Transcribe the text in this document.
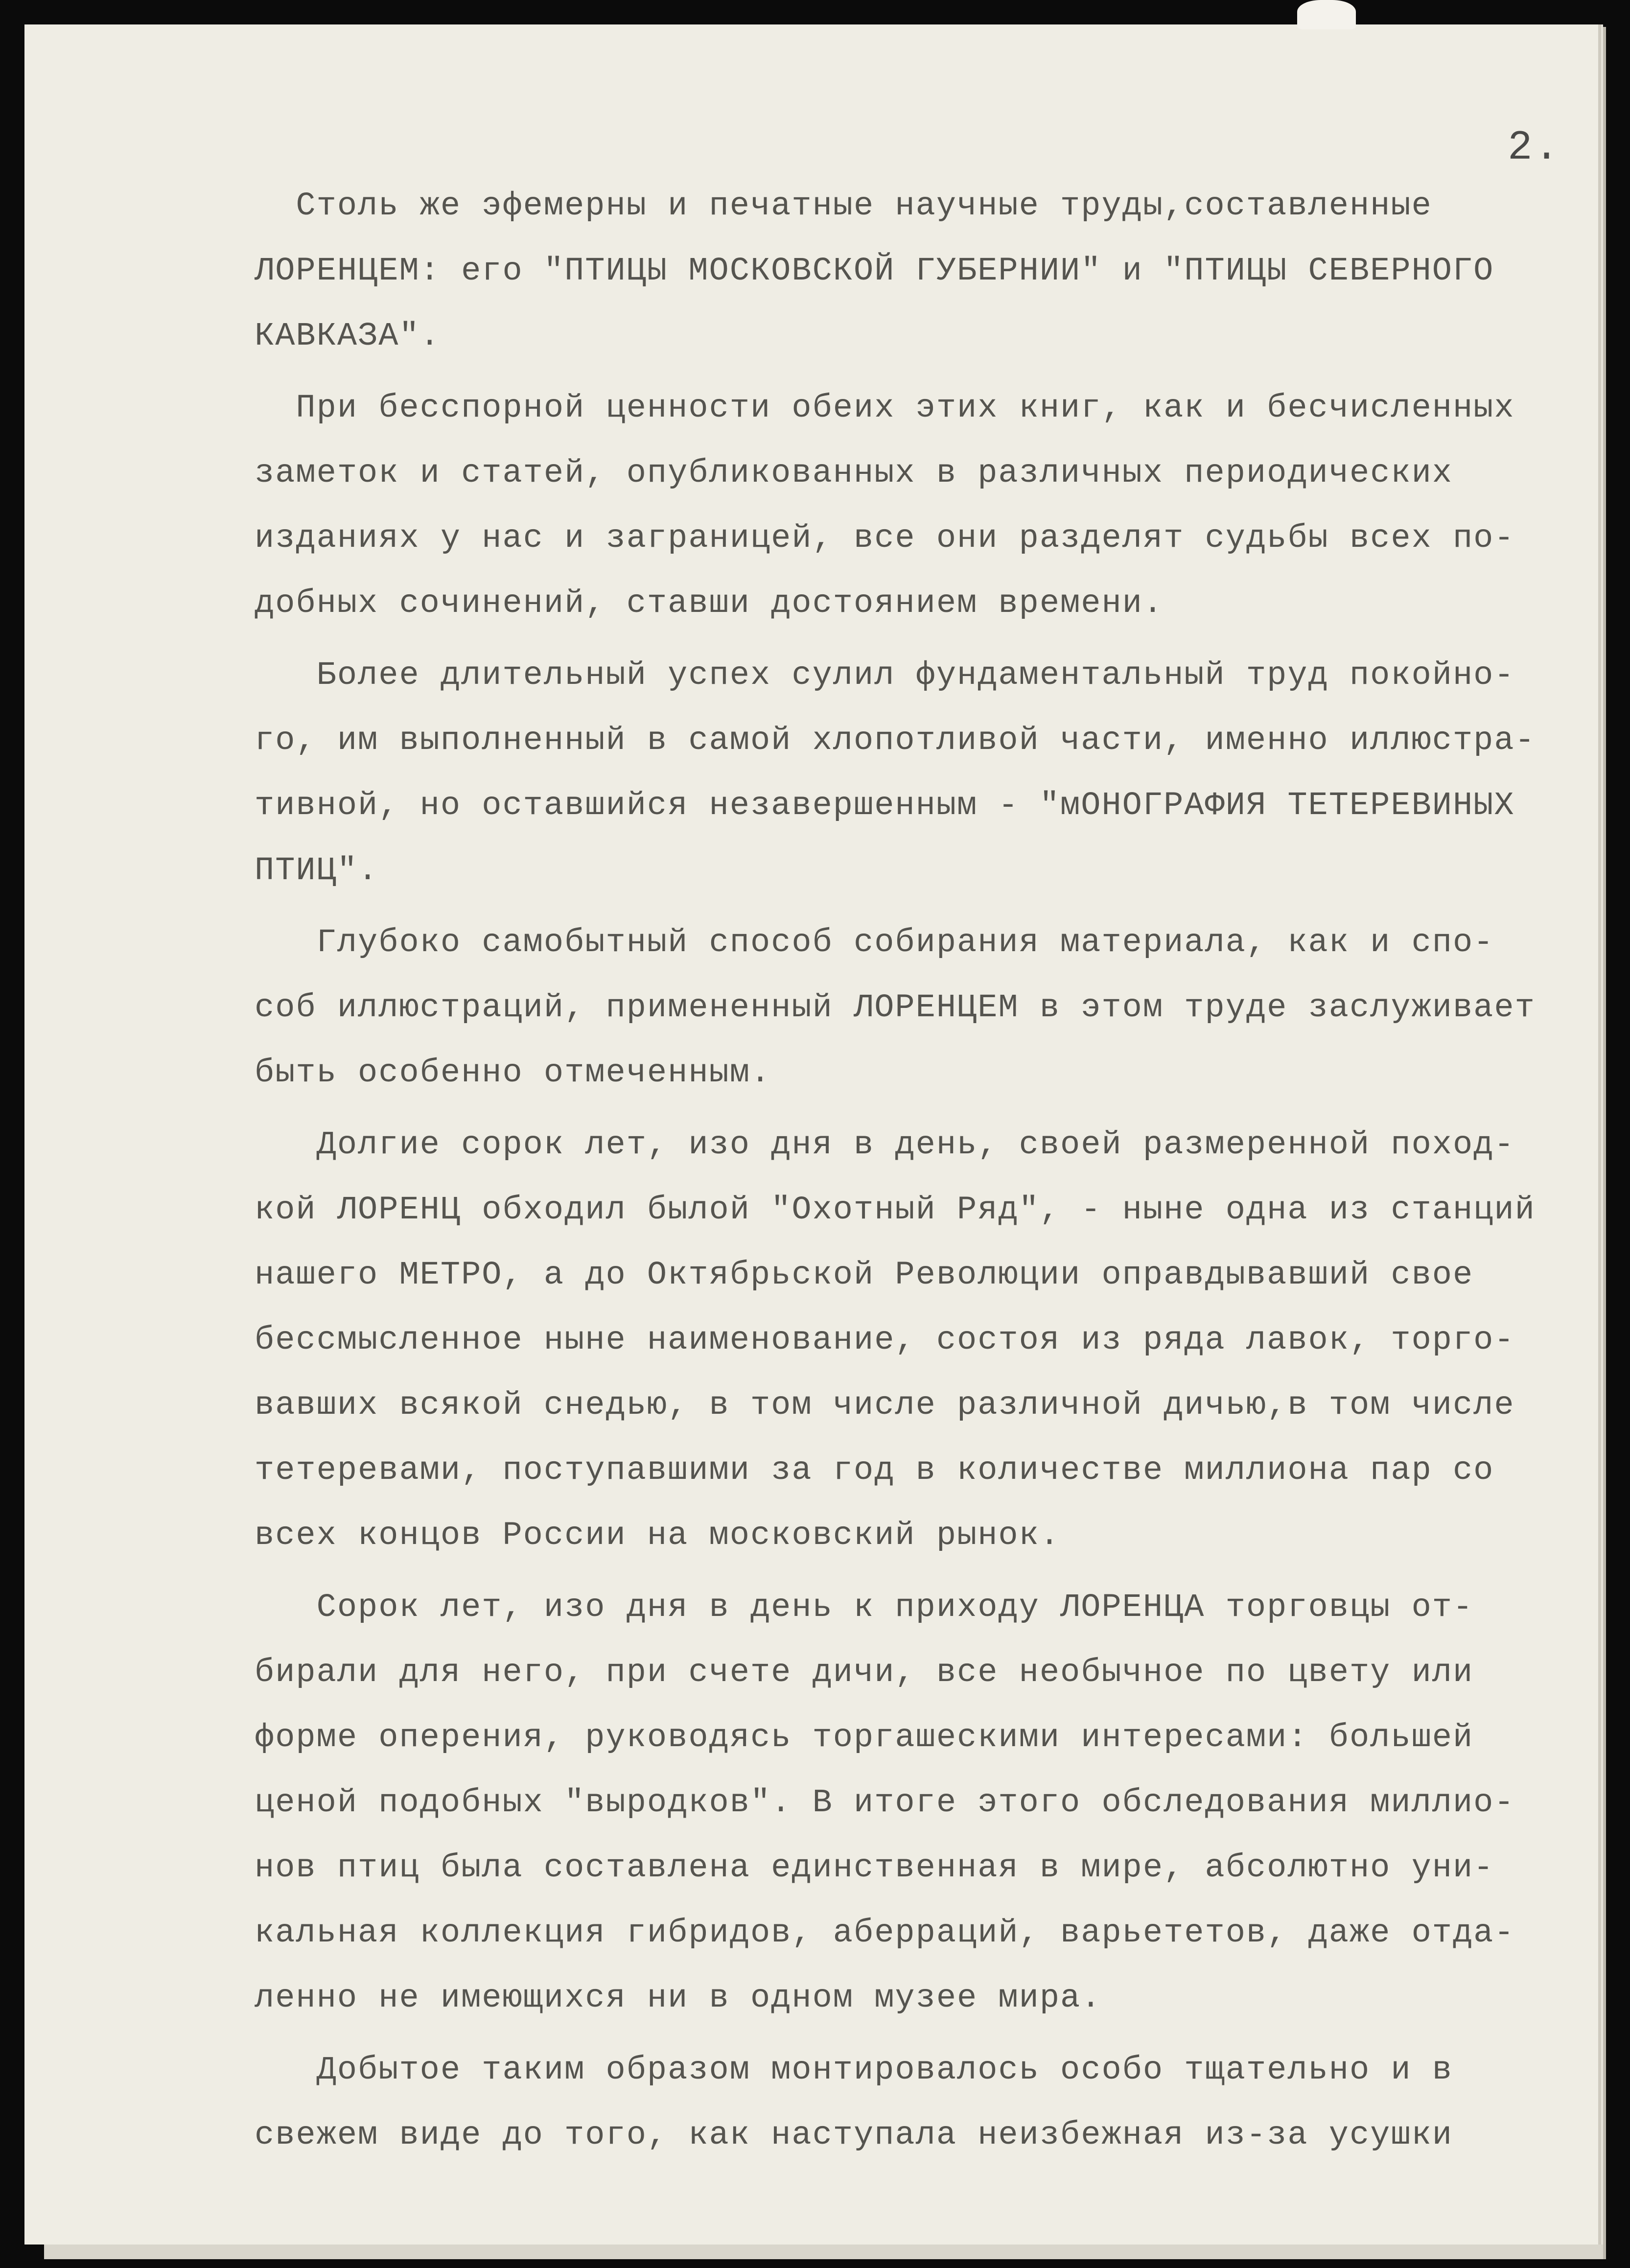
2.
Столь же эфемерны и печатные научные труды,составленные
ЛОРЕНЦЕМ: его "ПТИЦЫ МОСКОВСКОЙ ГУБЕРНИИ" и "ПТИЦЫ СЕВЕРНОГО
КАВКАЗА".
При бесспорной ценности обеих этих книг, как и бесчисленных
заметок и статей, опубликованных в различных периодических
изданиях у нас и заграницей, все они разделят судьбы всех по-
добных сочинений, ставши достоянием времени.
Более длительный успех сулил фундаментальный труд покойно-
го, им выполненный в самой хлопотливой части, именно иллюстра-
тивной, но оставшийся незавершенным - "мОНОГРАФИЯ ТЕТЕРЕВИНЫХ
ПТИЦ".
Глубоко самобытный способ собирания материала, как и спо-
соб иллюстраций, примененный ЛОРЕНЦЕМ в этом труде заслуживает
быть особенно отмеченным.
Долгие сорок лет, изо дня в день, своей размеренной поход-
кой ЛОРЕНЦ обходил былой "Охотный Ряд", - ныне одна из станций
нашего МЕТРО, а до Октябрьской Революции оправдывавший свое
бессмысленное ныне наименование, состоя из ряда лавок, торго-
вавших всякой снедью, в том числе различной дичью,в том числе
тетеревами, поступавшими за год в количестве миллиона пар со
всех концов России на московский рынок.
Сорок лет, изо дня в день к приходу ЛОРЕНЦА торговцы от-
бирали для него, при счете дичи, все необычное по цвету или
форме оперения, руководясь торгашескими интересами: большей
ценой подобных "выродков". В итоге этого обследования миллио-
нов птиц была составлена единственная в мире, абсолютно уни-
кальная коллекция гибридов, аберраций, варьететов, даже отда-
ленно не имеющихся ни в одном музее мира.
Добытое таким образом монтировалось особо тщательно и в
свежем виде до того, как наступала неизбежная из-за усушки
